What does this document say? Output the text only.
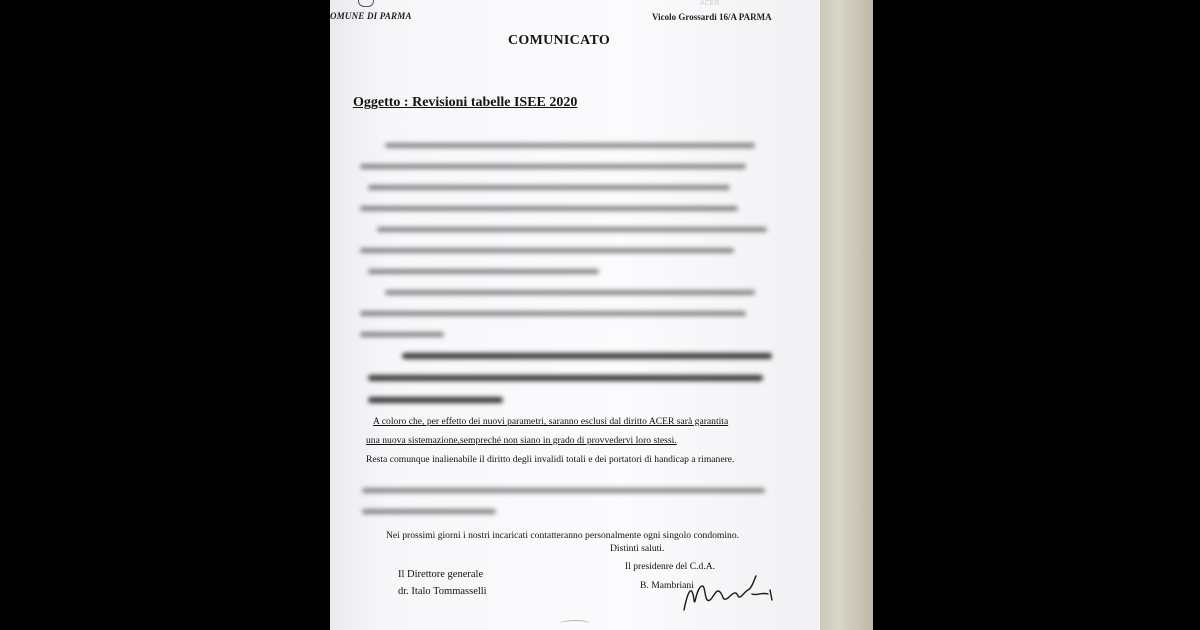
OMUNE DI PARMA
ACER
Vicolo Grossardi 16/A PARMA
COMUNICATO
Oggetto : Revisioni tabelle ISEE 2020
A coloro che, per effetto dei nuovi parametri, saranno esclusi dal diritto ACER sarà garantita
una nuova sistemazione,sempreché non siano in grado di provvedervi loro stessi.
Resta comunque inalienabile il diritto degli invalidi totali e dei portatori di handicap a rimanere.
Nei prossimi giorni i nostri incaricati contatteranno personalmente ogni singolo condomino.
Distinti saluti.
Il Direttore generale
dr. Italo Tommasselli
Il presidenre del C.d.A.
B. Mambriani
